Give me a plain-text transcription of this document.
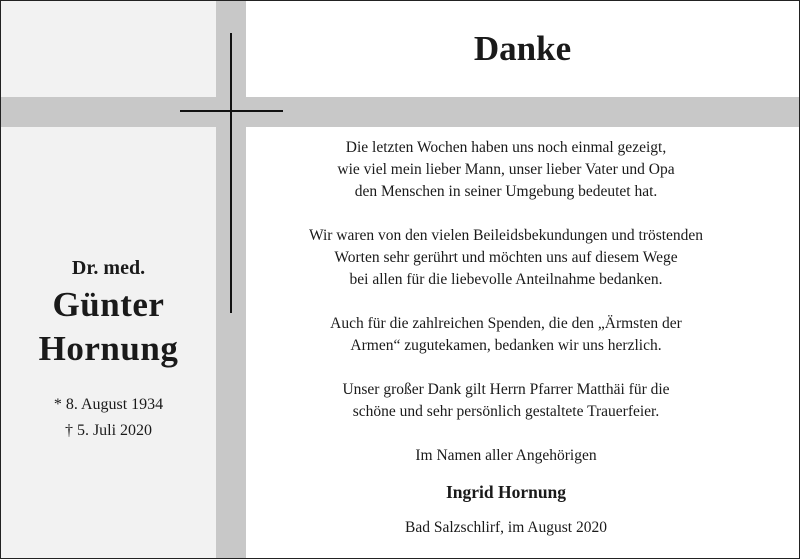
Danke
Dr. med.
Günter
Hornung
* 8. August 1934
† 5. Juli 2020

Die letzten Wochen haben uns noch einmal gezeigt,
wie viel mein lieber Mann, unser lieber Vater und Opa
den Menschen in seiner Umgebung bedeutet hat.

Wir waren von den vielen Beileidsbekundungen und tröstenden
Worten sehr gerührt und möchten uns auf diesem Wege
bei allen für die liebevolle Anteilnahme bedanken.

Auch für die zahlreichen Spenden, die den „Ärmsten der
Armen“ zugutekamen, bedanken wir uns herzlich.

Unser großer Dank gilt Herrn Pfarrer Matthäi für die
schöne und sehr persönlich gestaltete Trauerfeier.

Im Namen aller Angehörigen

Ingrid Hornung

Bad Salzschlirf, im August 2020
